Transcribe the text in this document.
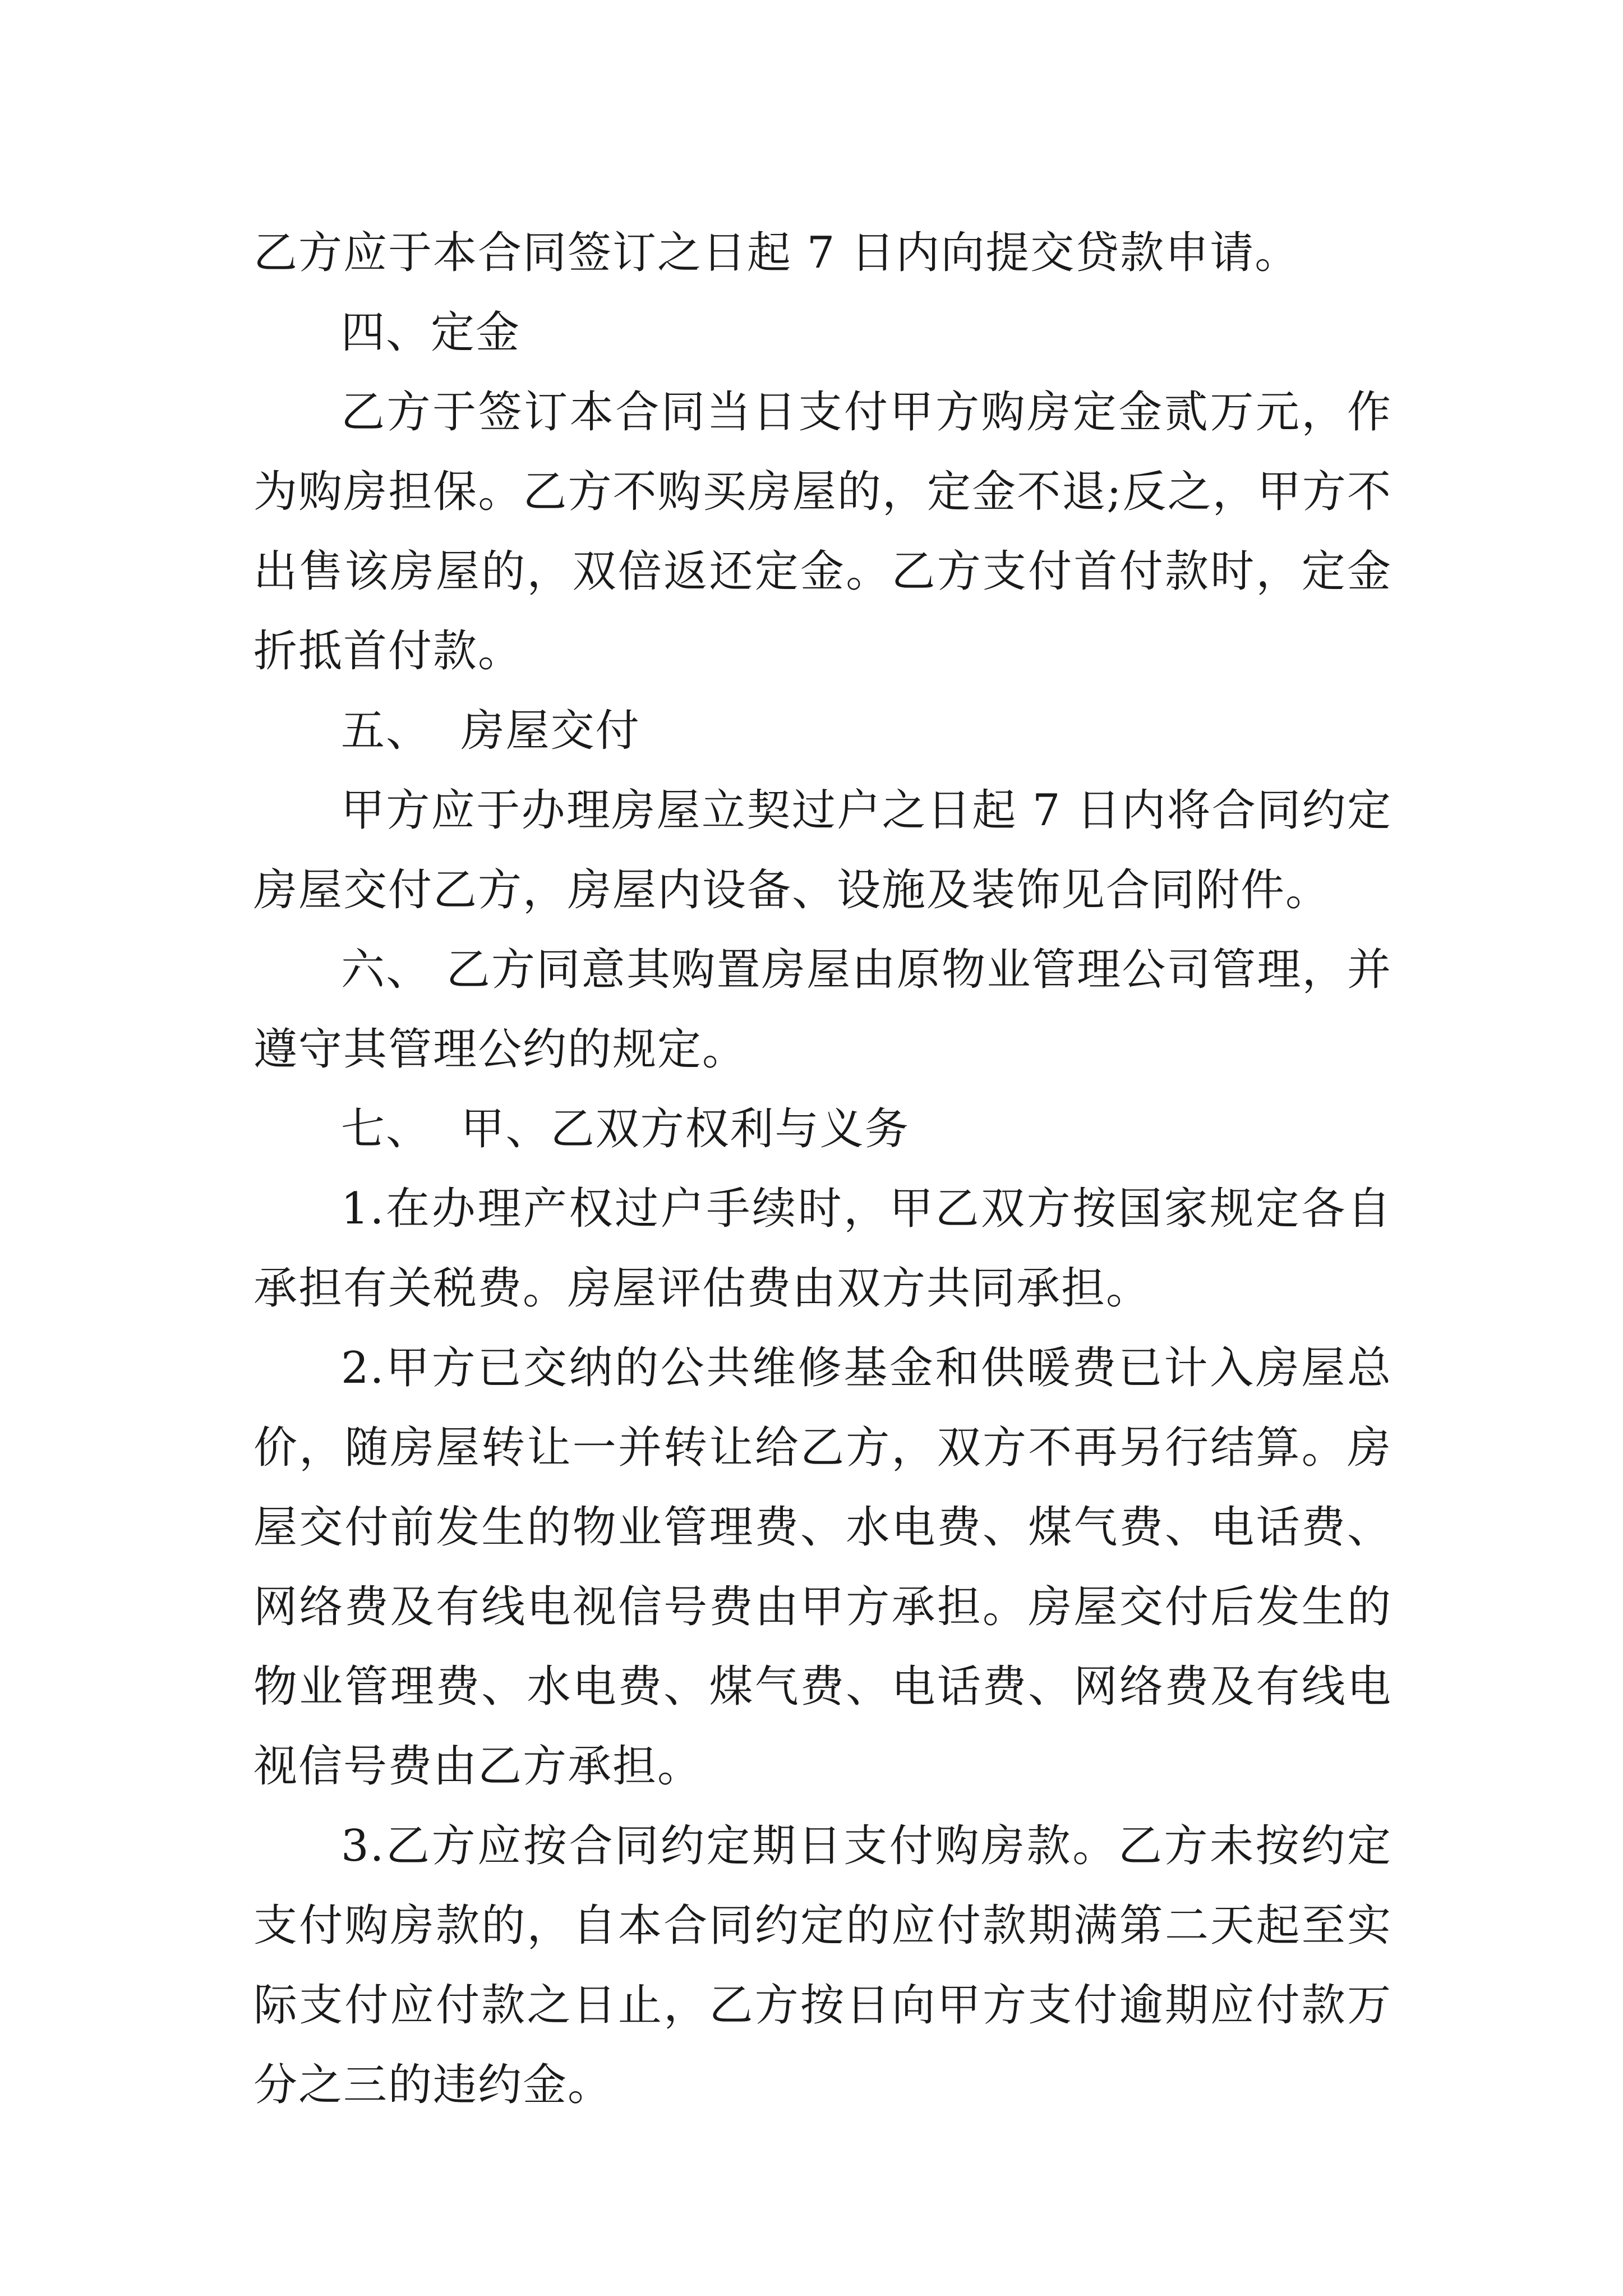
乙方应于本合同签订之日起 7 日内向提交贷款申请。

四、定金

乙方于签订本合同当日支付甲方购房定金贰万元，作为购房担保。乙方不购买房屋的，定金不退;反之，甲方不出售该房屋的，双倍返还定金。乙方支付首付款时，定金折抵首付款。

五、  房屋交付

甲方应于办理房屋立契过户之日起 7 日内将合同约定房屋交付乙方，房屋内设备、设施及装饰见合同附件。

六、 乙方同意其购置房屋由原物业管理公司管理，并遵守其管理公约的规定。

七、  甲、乙双方权利与义务

1.在办理产权过户手续时，甲乙双方按国家规定各自承担有关税费。房屋评估费由双方共同承担。

2.甲方已交纳的公共维修基金和供暖费已计入房屋总价，随房屋转让一并转让给乙方，双方不再另行结算。房屋交付前发生的物业管理费、水电费、煤气费、电话费、网络费及有线电视信号费由甲方承担。房屋交付后发生的物业管理费、水电费、煤气费、电话费、网络费及有线电视信号费由乙方承担。

3.乙方应按合同约定期日支付购房款。乙方未按约定支付购房款的，自本合同约定的应付款期满第二天起至实际支付应付款之日止，乙方按日向甲方支付逾期应付款万分之三的违约金。
